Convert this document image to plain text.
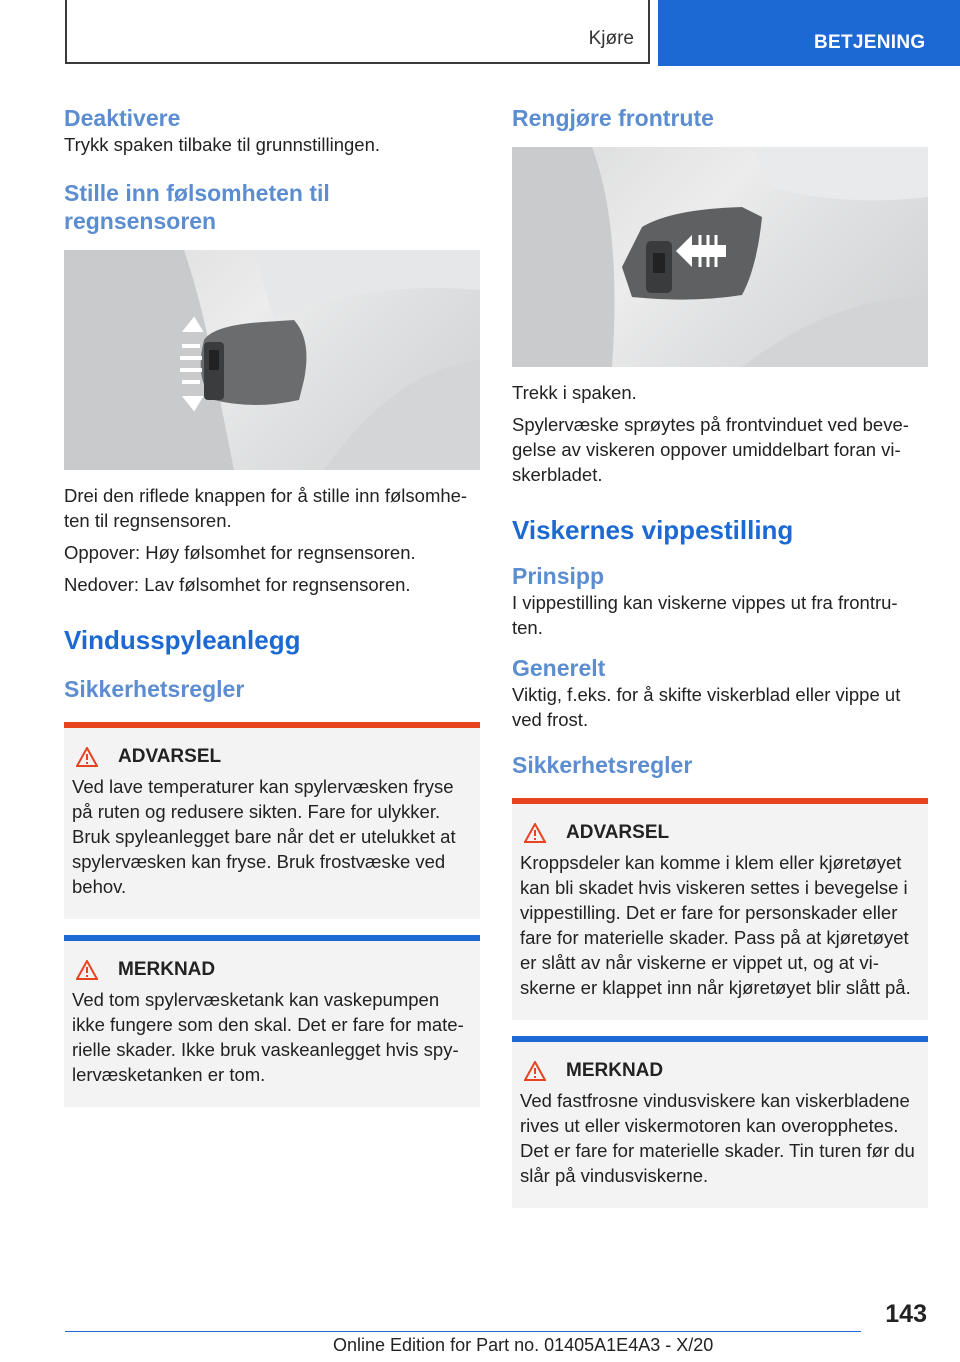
Kjøre	BETJENING
Deaktivere

Trykk spaken tilbake til grunnstillingen.

Stille inn følsomheten til regnsensoren

Drei den riflede knappen for å stille inn følsomhe-ten til regnsensoren.

Oppover: Høy følsomhet for regnsensoren.

Nedover: Lav følsomhet for regnsensoren.

Vindusspyleanlegg
Sikkerhetsregler
ADVARSEL

Ved lave temperaturer kan spylervæsken fryse på ruten og redusere sikten. Fare for ulykker. Bruk spyleanlegget bare når det er utelukket at spylervæsken kan fryse. Bruk frostvæske ved behov.

MERKNAD

Ved tom spylervæsketank kan vaskepumpen ikke fungere som den skal. Det er fare for mate-rielle skader. Ikke bruk vaskeanlegget hvis spy-lervæsketanken er tom.

Rengjøre frontrute

Trekk i spaken.

Spylervæske sprøytes på frontvinduet ved beve-gelse av viskeren oppover umiddelbart foran vi-skerbladet.

Viskernes vippestilling
Prinsipp

I vippestilling kan viskerne vippes ut fra frontru-ten.

Generelt

Viktig, f.eks. for å skifte viskerblad eller vippe ut ved frost.

Sikkerhetsregler
ADVARSEL

Kroppsdeler kan komme i klem eller kjøretøyet kan bli skadet hvis viskeren settes i bevegelse i vippestilling. Det er fare for personskader eller fare for materielle skader. Pass på at kjøretøyet er slått av når viskerne er vippet ut, og at vi-skerne er klappet inn når kjøretøyet blir slått på.

MERKNAD

Ved fastfrosne vindusviskere kan viskerbladene rives ut eller viskermotoren kan overopphetes. Det er fare for materielle skader. Tin turen før du slår på vindusviskerne.

143
Online Edition for Part no. 01405A1E4A3 - X/20
